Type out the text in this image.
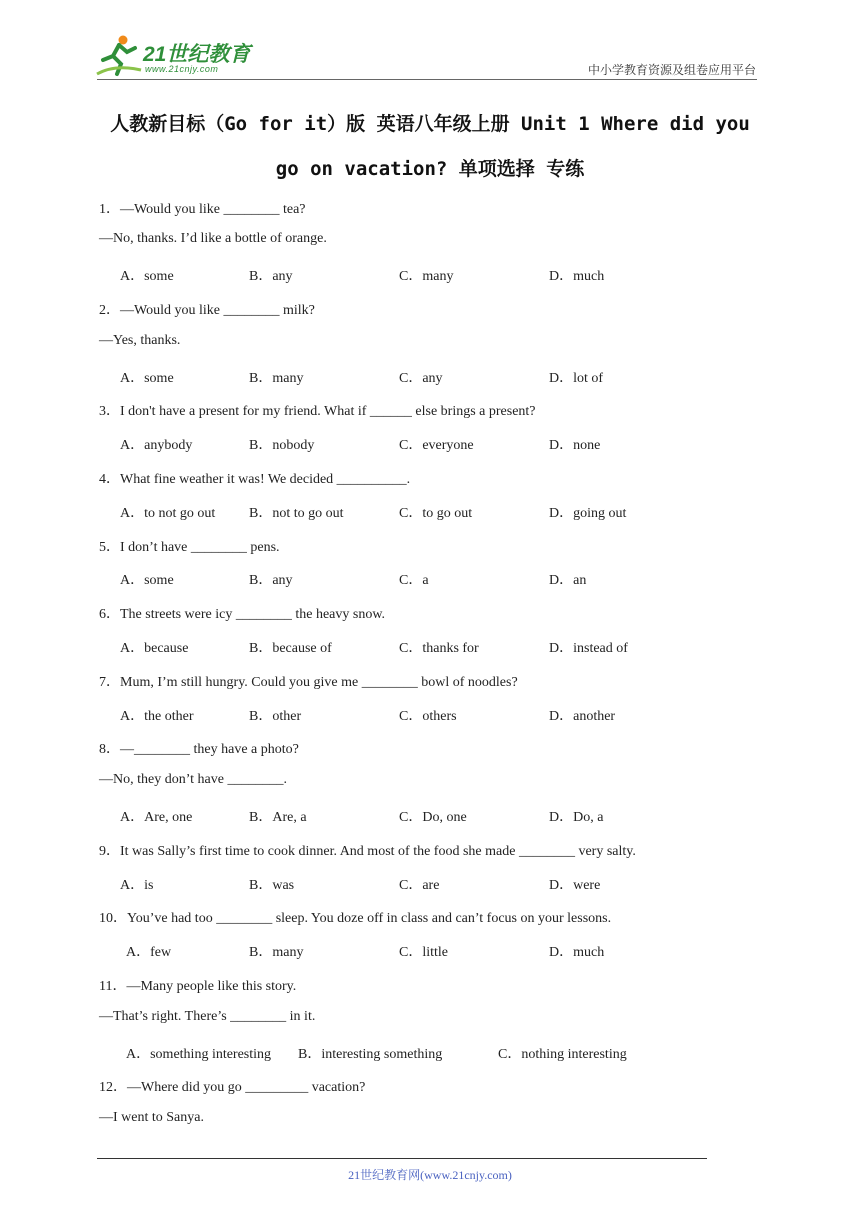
21世纪教育
www.21cnjy.com	中小学教育资源及组卷应用平台
人教新目标（Go for it）版 英语八年级上册 Unit 1 Where did you
go on vacation? 单项选择 专练
1．—Would you like ________ tea?
—No, thanks. I’d like a bottle of orange.
A．some	B．any	C．many	D．much
2．—Would you like ________ milk?
—Yes, thanks.
A．some	B．many	C．any	D．lot of
3．I don't have a present for my friend. What if ______ else brings a present?
A．anybody	B．nobody	C．everyone	D．none
4．What fine weather it was! We decided __________.
A．to not go out B．not to go out	C．to go out	D．going out
5．I don’t have ________ pens.
A．some	B．any	C．a	D．an
6．The streets were icy ________ the heavy snow.
A．because	B．because of	C．thanks for	D．instead of
7．Mum, I’m still hungry. Could you give me ________ bowl of noodles?
A．the other	B．other	C．others	D．another
8．—________ they have a photo?
—No, they don’t have ________.
A．Are, one	B．Are, a	C．Do, one	D．Do, a
9．It was Sally’s first time to cook dinner. And most of the food she made ________ very salty.
A．is	B．was	C．are	D．were
10．You’ve had too ________ sleep. You doze off in class and can’t focus on your lessons.
A．few	B．many	C．little	D．much
11．—Many people like this story.
—That’s right. There’s ________ in it.
A．something interesting B．interesting something	C．nothing interesting
12．—Where did you go _________ vacation?
—I went to Sanya.
21世纪教育网(www.21cnjy.com)
